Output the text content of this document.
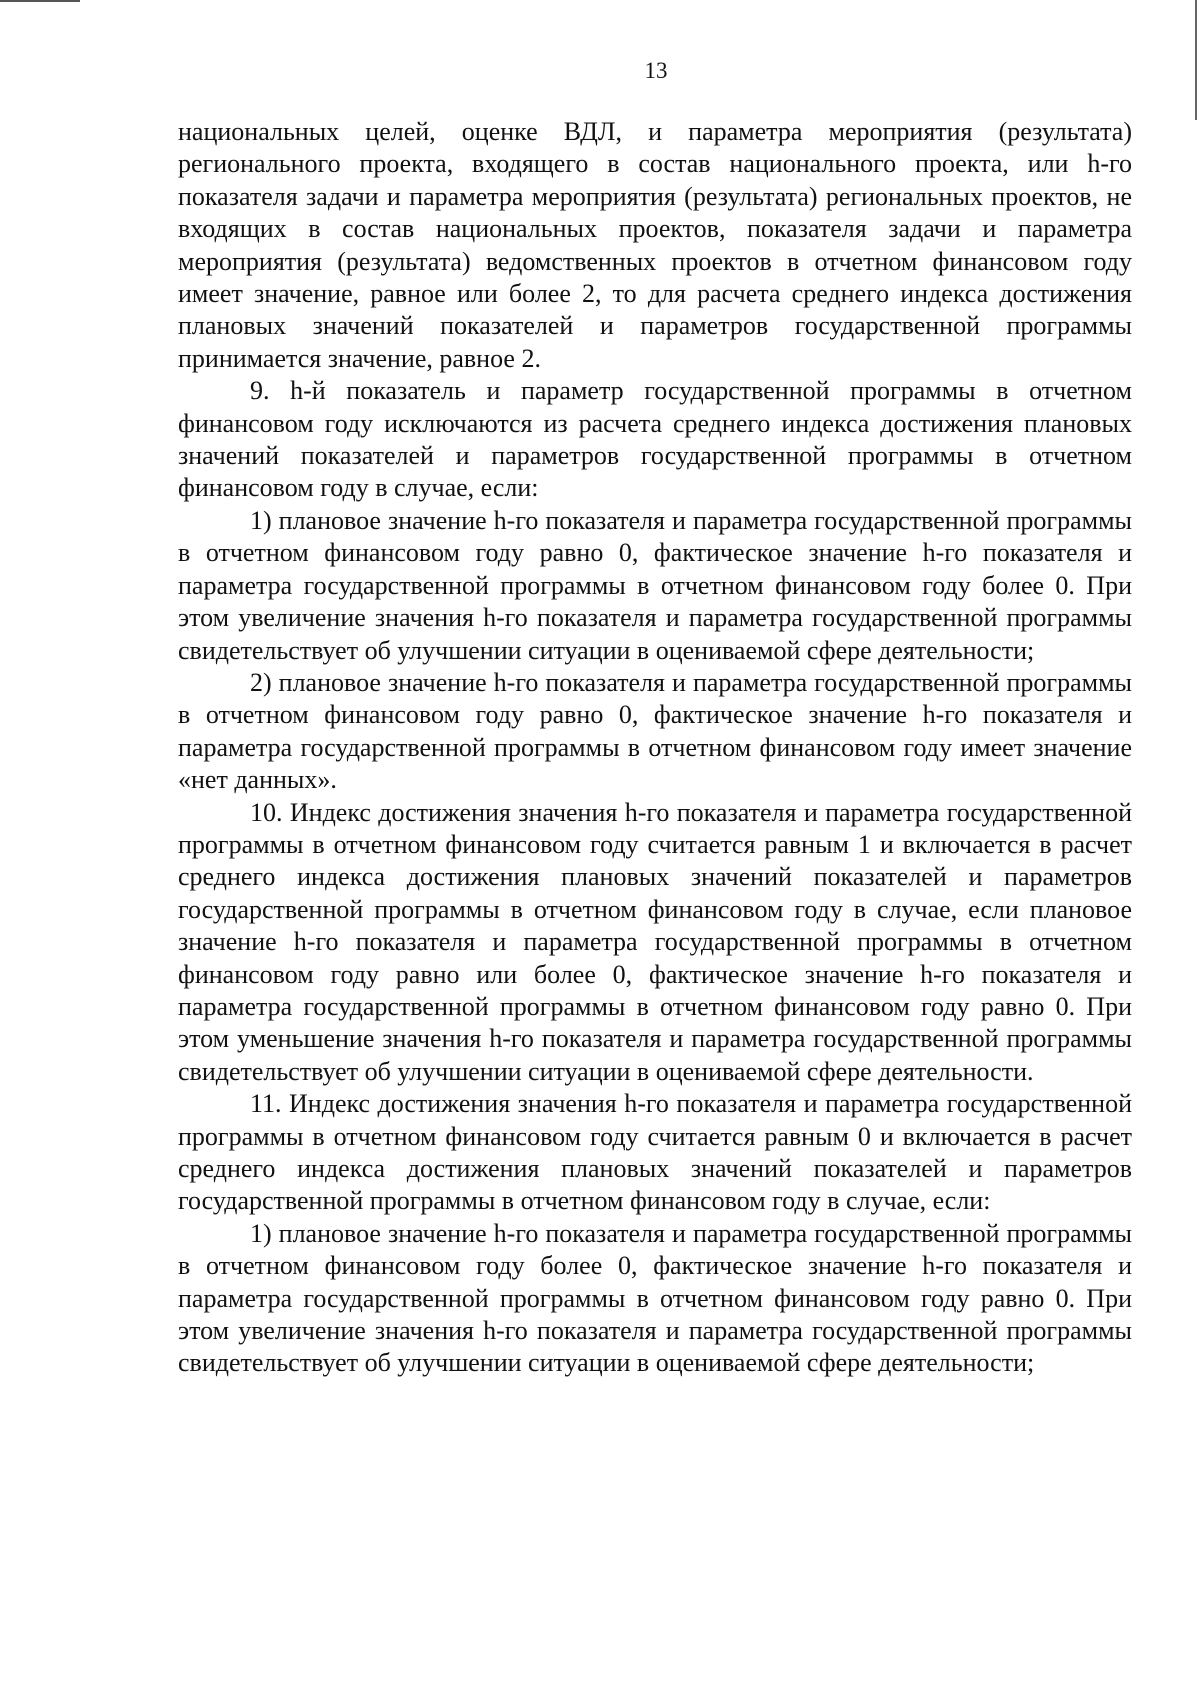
13

национальных целей, оценке ВДЛ, и параметра мероприятия (результата) регионального проекта, входящего в состав национального проекта, или h-го показателя задачи и параметра мероприятия (результата) региональных проектов, не входящих в состав национальных проектов, показателя задачи и параметра мероприятия (результата) ведомственных проектов в отчетном финансовом году имеет значение, равное или более 2, то для расчета среднего индекса достижения плановых значений показателей и параметров государственной программы принимается значение, равное 2.

9. h-й показатель и параметр государственной программы в отчетном финансовом году исключаются из расчета среднего индекса достижения плановых значений показателей и параметров государственной программы в отчетном финансовом году в случае, если:

1) плановое значение h-го показателя и параметра государственной программы в отчетном финансовом году равно 0, фактическое значение h-го показателя и параметра государственной программы в отчетном финансовом году более 0. При этом увеличение значения h-го показателя и параметра государственной программы свидетельствует об улучшении ситуации в оцениваемой сфере деятельности;

2) плановое значение h-го показателя и параметра государственной программы в отчетном финансовом году равно 0, фактическое значение h-го показателя и параметра государственной программы в отчетном финансовом году имеет значение «нет данных».

10. Индекс достижения значения h-го показателя и параметра государственной программы в отчетном финансовом году считается равным 1 и включается в расчет среднего индекса достижения плановых значений показателей и параметров государственной программы в отчетном финансовом году в случае, если плановое значение h-го показателя и параметра государственной программы в отчетном финансовом году равно или более 0, фактическое значение h-го показателя и параметра государственной программы в отчетном финансовом году равно 0. При этом уменьшение значения h-го показателя и параметра государственной программы свидетельствует об улучшении ситуации в оцениваемой сфере деятельности.

11. Индекс достижения значения h-го показателя и параметра государственной программы в отчетном финансовом году считается равным 0 и включается в расчет среднего индекса достижения плановых значений показателей и параметров государственной программы в отчетном финансовом году в случае, если:

1) плановое значение h-го показателя и параметра государственной программы в отчетном финансовом году более 0, фактическое значение h-го показателя и параметра государственной программы в отчетном финансовом году равно 0. При этом увеличение значения h-го показателя и параметра государственной программы свидетельствует об улучшении ситуации в оцениваемой сфере деятельности;
